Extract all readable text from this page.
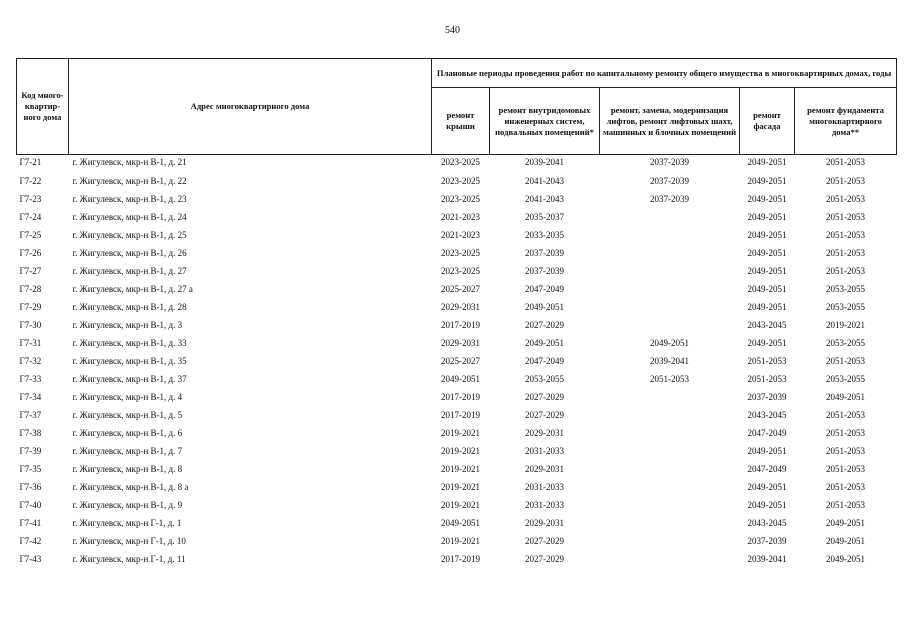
540
Код много-квартир-ного дома	Адрес многоквартирного дома	Плановые периоды проведения работ по капитальному ремонту общего имущества в многоквартирных домах, годы				
		ремонт крыши	ремонт внутридомовых инженерных систем, подвальных помещений*	ремонт, замена, модернизация лифтов, ремонт лифтовых шахт, машинных и блочных помещений	ремонт фасада	ремонт фундамента многоквартирного дома**
Г7-21	г. Жигулевск, мкр-н В-1, д. 21	2023-2025	2039-2041	2037-2039	2049-2051	2051-2053
Г7-22	г. Жигулевск, мкр-н В-1, д. 22	2023-2025	2041-2043	2037-2039	2049-2051	2051-2053
Г7-23	г. Жигулевск, мкр-н В-1, д. 23	2023-2025	2041-2043	2037-2039	2049-2051	2051-2053
Г7-24	г. Жигулевск, мкр-н В-1, д. 24	2021-2023	2035-2037		2049-2051	2051-2053
Г7-25	г. Жигулевск, мкр-н В-1, д. 25	2021-2023	2033-2035		2049-2051	2051-2053
Г7-26	г. Жигулевск, мкр-н В-1, д. 26	2023-2025	2037-2039		2049-2051	2051-2053
Г7-27	г. Жигулевск, мкр-н В-1, д. 27	2023-2025	2037-2039		2049-2051	2051-2053
Г7-28	г. Жигулевск, мкр-н В-1, д. 27 а	2025-2027	2047-2049		2049-2051	2053-2055
Г7-29	г. Жигулевск, мкр-н В-1, д. 28	2029-2031	2049-2051		2049-2051	2053-2055
Г7-30	г. Жигулевск, мкр-н В-1, д. 3	2017-2019	2027-2029		2043-2045	2019-2021
Г7-31	г. Жигулевск, мкр-н В-1, д. 33	2029-2031	2049-2051	2049-2051	2049-2051	2053-2055
Г7-32	г. Жигулевск, мкр-н В-1, д. 35	2025-2027	2047-2049	2039-2041	2051-2053	2051-2053
Г7-33	г. Жигулевск, мкр-н В-1, д. 37	2049-2051	2053-2055	2051-2053	2051-2053	2053-2055
Г7-34	г. Жигулевск, мкр-н В-1, д. 4	2017-2019	2027-2029		2037-2039	2049-2051
Г7-37	г. Жигулевск, мкр-н В-1, д. 5	2017-2019	2027-2029		2043-2045	2051-2053
Г7-38	г. Жигулевск, мкр-н В-1, д. 6	2019-2021	2029-2031		2047-2049	2051-2053
Г7-39	г. Жигулевск, мкр-н В-1, д. 7	2019-2021	2031-2033		2049-2051	2051-2053
Г7-35	г. Жигулевск, мкр-н В-1, д. 8	2019-2021	2029-2031		2047-2049	2051-2053
Г7-36	г. Жигулевск, мкр-н В-1, д. 8 а	2019-2021	2031-2033		2049-2051	2051-2053
Г7-40	г. Жигулевск, мкр-н В-1, д. 9	2019-2021	2031-2033		2049-2051	2051-2053
Г7-41	г. Жигулевск, мкр-н Г-1, д. 1	2049-2051	2029-2031		2043-2045	2049-2051
Г7-42	г. Жигулевск, мкр-н Г-1, д. 10	2019-2021	2027-2029		2037-2039	2049-2051
Г7-43	г. Жигулевск, мкр-н Г-1, д. 11	2017-2019	2027-2029		2039-2041	2049-2051
